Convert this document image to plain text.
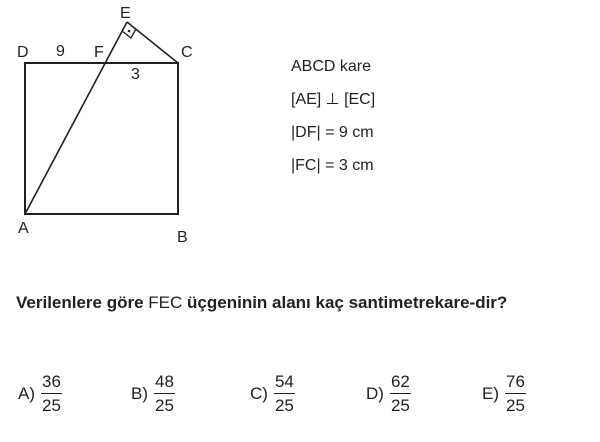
E
D 9 F	C
3
A
B
ABCD kare
[AE] ⊥ [EC]
|DF| = 9 cm
|FC| = 3 cm
Verilenlere göre FEC üçgeninin alanı kaç santimetrekare-dir?
$A) \frac{36}{25}$	$B) \frac{48}{25}$	$C) \frac{54}{25}$	$D) \frac{62}{25}$	$E) \frac{76}{25}$
